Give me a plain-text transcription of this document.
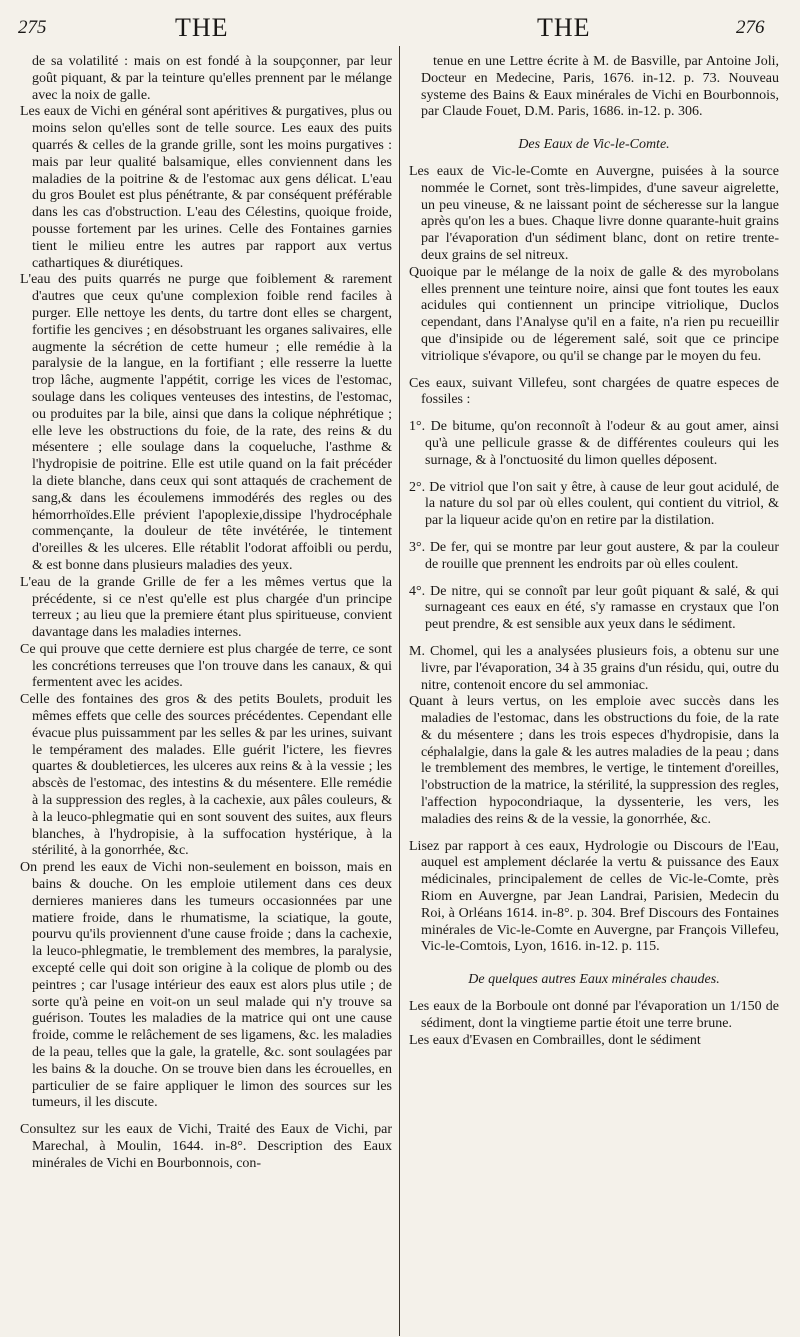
275	THE	THE	276

de sa volatilité : mais on est fondé à la soupçonner, par leur goût piquant, & par la teinture qu'elles prennent par le mélange avec la noix de galle.

Les eaux de Vichi en général sont apéritives & purgatives, plus ou moins selon qu'elles sont de telle source. Les eaux des puits quarrés & celles de la grande grille, sont les moins purgatives : mais par leur qualité balsamique, elles conviennent dans les maladies de la poitrine & de l'estomac aux gens délicat. L'eau du gros Boulet est plus pénétrante, & par conséquent préférable dans les cas d'obstruction. L'eau des Célestins, quoique froide, pousse fortement par les urines. Celle des Fontaines garnies tient le milieu entre les autres par rapport aux vertus cathartiques & diurétiques.

L'eau des puits quarrés ne purge que foiblement & rarement d'autres que ceux qu'une complexion foible rend faciles à purger. Elle nettoye les dents, du tartre dont elles se chargent, fortifie les gencives ; en désobstruant les organes salivaires, elle augmente la sécrétion de cette humeur ; elle remédie à la paralysie de la langue, en la fortifiant ; elle resserre la luette trop lâche, augmente l'appétit, corrige les vices de l'estomac, soulage dans les coliques venteuses des intestins, de l'estomac, ou produites par la bile, ainsi que dans la colique néphrétique ; elle leve les obstructions du foie, de la rate, des reins & du mésentere ; elle soulage dans la coqueluche, l'asthme & l'hydropisie de poitrine. Elle est utile quand on la fait précéder la diete blanche, dans ceux qui sont attaqués de crachement de sang,& dans les écoulemens immodérés des regles ou des hémorrhoïdes.Elle prévient l'apoplexie,dissipe l'hydrocéphale commençante, la douleur de tête invétérée, le tintement d'oreilles & les ulceres. Elle rétablit l'odorat affoibli ou perdu, & est bonne dans plusieurs maladies des yeux.

L'eau de la grande Grille de fer a les mêmes vertus que la précédente, si ce n'est qu'elle est plus chargée d'un principe terreux ; au lieu que la premiere étant plus spiritueuse, convient davantage dans les maladies internes.

Ce qui prouve que cette derniere est plus chargée de terre, ce sont les concrétions terreuses que l'on trouve dans les canaux, & qui fermentent avec les acides.

Celle des fontaines des gros & des petits Boulets, produit les mêmes effets que celle des sources précédentes. Cependant elle évacue plus puissamment par les selles & par les urines, suivant le tempérament des malades. Elle guérit l'ictere, les fievres quartes & doubletierces, les ulceres aux reins & à la vessie ; les abscès de l'estomac, des intestins & du mésentere. Elle remédie à la suppression des regles, à la cachexie, aux pâles couleurs, & à la leuco-phlegmatie qui en sont souvent des suites, aux fleurs blanches, à l'hydropisie, à la suffocation hystérique, à la stérilité, à la gonorrhée, &c.

On prend les eaux de Vichi non-seulement en boisson, mais en bains & douche. On les emploie utilement dans ces deux dernieres manieres dans les tumeurs occasionnées par une matiere froide, dans le rhumatisme, la sciatique, la goute, pourvu qu'ils proviennent d'une cause froide ; dans la cachexie, la leuco-phlegmatie, le tremblement des membres, la paralysie, excepté celle qui doit son origine à la colique de plomb ou des peintres ; car l'usage intérieur des eaux est alors plus utile ; de sorte qu'à peine en voit-on un seul malade qui n'y trouve sa guérison. Toutes les maladies de la matrice qui ont une cause froide, comme le relâchement de ses ligamens, &c. les maladies de la peau, telles que la gale, la gratelle, &c. sont soulagées par les bains & la douche. On se trouve bien dans les écrouelles, en particulier de se faire appliquer le limon des sources sur les tumeurs, il les discute.

Consultez sur les eaux de Vichi, Traité des Eaux de Vichi, par Marechal, à Moulin, 1644. in-8°. Description des Eaux minérales de Vichi en Bourbonnois, con-

tenue en une Lettre écrite à M. de Basville, par Antoine Joli, Docteur en Medecine, Paris, 1676. in-12. p. 73. Nouveau systeme des Bains & Eaux minérales de Vichi en Bourbonnois, par Claude Fouet, D.M. Paris, 1686. in-12. p. 306.

Des Eaux de Vic-le-Comte.

Les eaux de Vic-le-Comte en Auvergne, puisées à la source nommée le Cornet, sont très-limpides, d'une saveur aigrelette, un peu vineuse, & ne laissant point de sécheresse sur la langue après qu'on les a bues. Chaque livre donne quarante-huit grains par l'évaporation d'un sédiment blanc, dont on retire trente-deux grains de sel nitreux.

Quoique par le mélange de la noix de galle & des myrobolans elles prennent une teinture noire, ainsi que font toutes les eaux acidules qui contiennent un principe vitriolique, Duclos cependant, dans l'Analyse qu'il en a faite, n'a rien pu recueillir que d'insipide ou de légerement salé, soit que ce principe vitriolique s'évapore, ou qu'il se change par le moyen du feu.

Ces eaux, suivant Villefeu, sont chargées de quatre especes de fossiles :

1°. De bitume, qu'on reconnoît à l'odeur & au gout amer, ainsi qu'à une pellicule grasse & de différentes couleurs qui les surnage, & à l'onctuosité du limon quelles déposent.

2°. De vitriol que l'on sait y être, à cause de leur gout acidulé, de la nature du sol par où elles coulent, qui contient du vitriol, & par la liqueur acide qu'on en retire par la distilation.

3°. De fer, qui se montre par leur gout austere, & par la couleur de rouille que prennent les endroits par où elles coulent.

4°. De nitre, qui se connoît par leur goût piquant & salé, & qui surnageant ces eaux en été, s'y ramasse en crystaux que l'on peut prendre, & est sensible aux yeux dans le sédiment.

M. Chomel, qui les a analysées plusieurs fois, a obtenu sur une livre, par l'évaporation, 34 à 35 grains d'un résidu, qui, outre du nitre, contenoit encore du sel ammoniac.

Quant à leurs vertus, on les emploie avec succès dans les maladies de l'estomac, dans les obstructions du foie, de la rate & du mésentere ; dans les trois especes d'hydropisie, dans la céphalalgie, dans la gale & les autres maladies de la peau ; dans le tremblement des membres, le vertige, le tintement d'oreilles, l'obstruction de la matrice, la stérilité, la suppression des regles, l'affection hypocondriaque, la dyssenterie, les vers, les maladies des reins & de la vessie, la gonorrhée, &c.

Lisez par rapport à ces eaux, Hydrologie ou Discours de l'Eau, auquel est amplement déclarée la vertu & puissance des Eaux médicinales, principalement de celles de Vic-le-Comte, près Riom en Auvergne, par Jean Landrai, Parisien, Medecin du Roi, à Orléans 1614. in-8°. p. 304. Bref Discours des Fontaines minérales de Vic-le-Comte en Auvergne, par François Villefeu, Vic-le-Comtois, Lyon, 1616. in-12. p. 115.

De quelques autres Eaux minérales chaudes.

Les eaux de la Borboule ont donné par l'évaporation un 1/150 de sédiment, dont la vingtieme partie étoit une terre brune.

Les eaux d'Evasen en Combrailles, dont le sédiment
